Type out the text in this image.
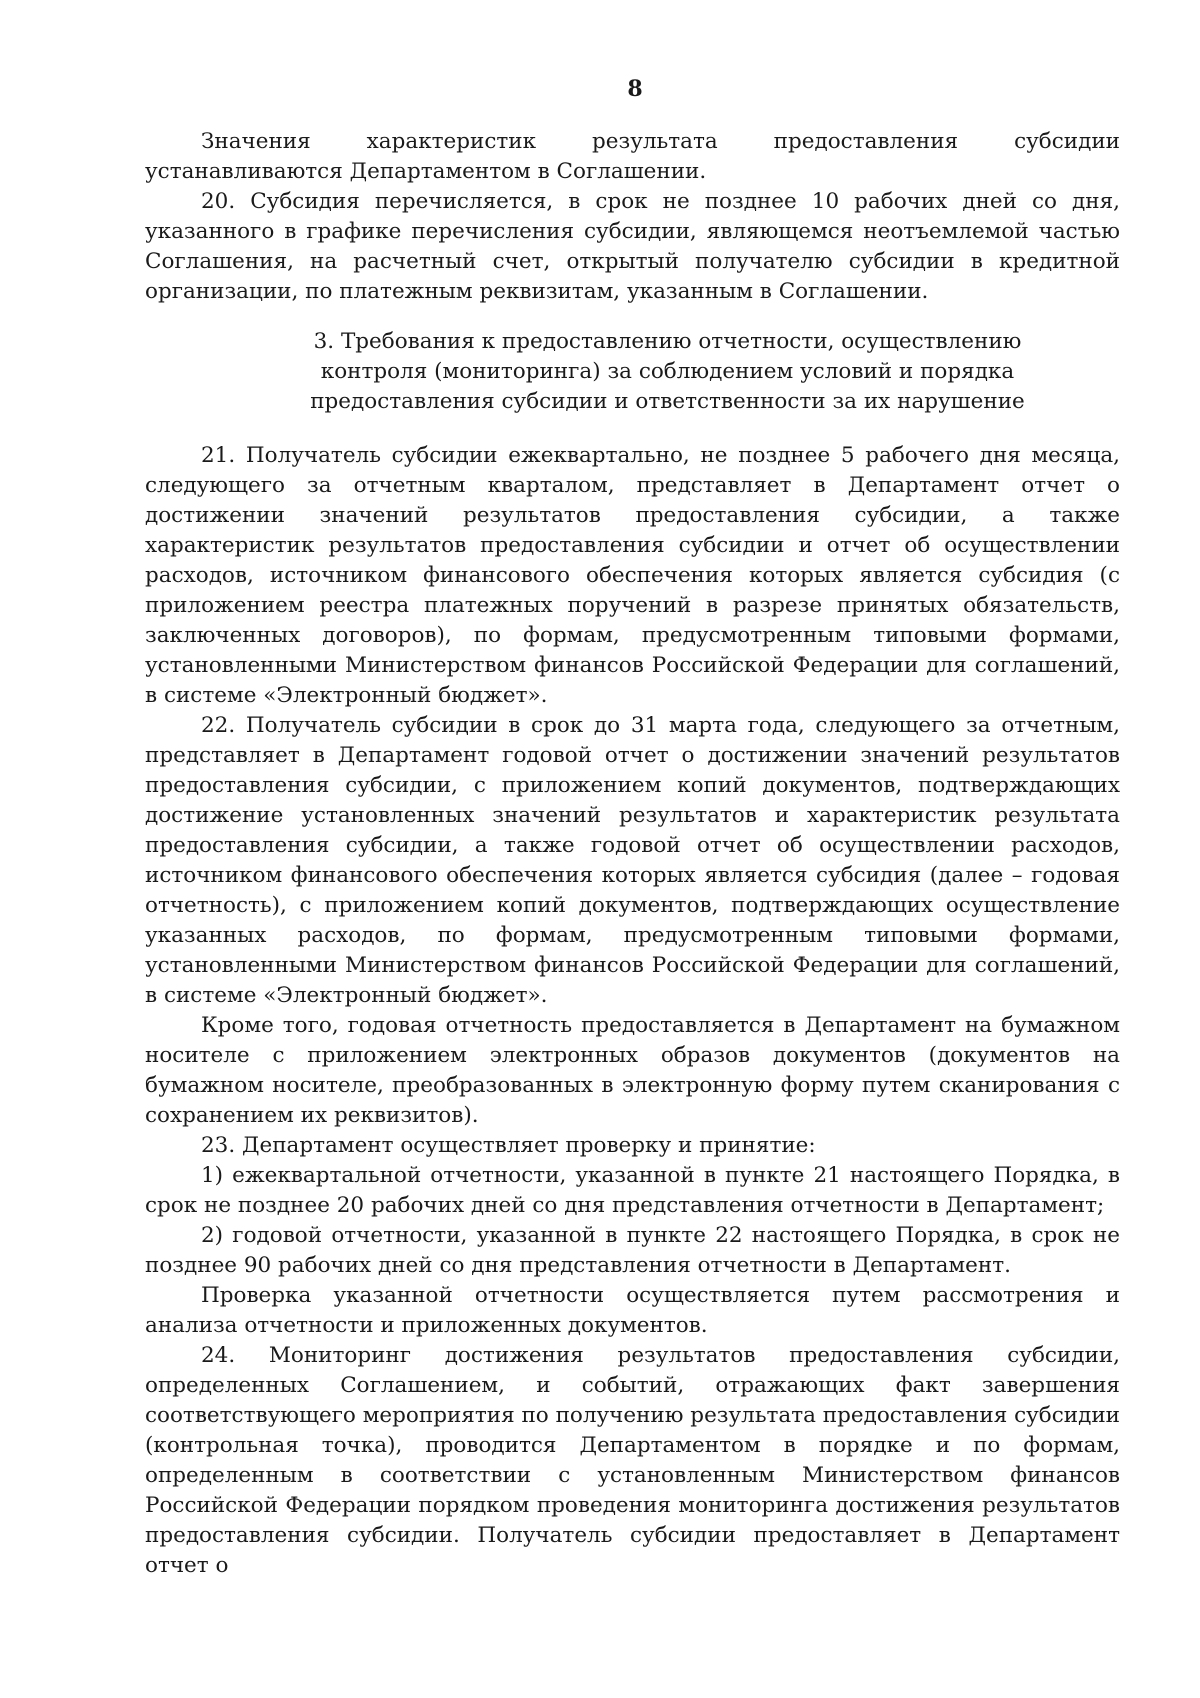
8

Значения характеристик результата предоставления субсидии устанавливаются Департаментом в Соглашении.

20. Субсидия перечисляется, в срок не позднее 10 рабочих дней со дня, указанного в графике перечисления субсидии, являющемся неотъемлемой частью Соглашения, на расчетный счет, открытый получателю субсидии в кредитной организации, по платежным реквизитам, указанным в Соглашении.

3. Требования к предоставлению отчетности, осуществлению контроля (мониторинга) за соблюдением условий и порядка предоставления субсидии и ответственности за их нарушение

21. Получатель субсидии ежеквартально, не позднее 5 рабочего дня месяца, следующего за отчетным кварталом, представляет в Департамент отчет о достижении значений результатов предоставления субсидии, а также характеристик результатов предоставления субсидии и отчет об осуществлении расходов, источником финансового обеспечения которых является субсидия (с приложением реестра платежных поручений в разрезе принятых обязательств, заключенных договоров), по формам, предусмотренным типовыми формами, установленными Министерством финансов Российской Федерации для соглашений, в системе «Электронный бюджет».

22. Получатель субсидии в срок до 31 марта года, следующего за отчетным, представляет в Департамент годовой отчет о достижении значений результатов предоставления субсидии, с приложением копий документов, подтверждающих достижение установленных значений результатов и характеристик результата предоставления субсидии, а также годовой отчет об осуществлении расходов, источником финансового обеспечения которых является субсидия (далее – годовая отчетность), с приложением копий документов, подтверждающих осуществление указанных расходов, по формам, предусмотренным типовыми формами, установленными Министерством финансов Российской Федерации для соглашений, в системе «Электронный бюджет».

Кроме того, годовая отчетность предоставляется в Департамент на бумажном носителе с приложением электронных образов документов (документов на бумажном носителе, преобразованных в электронную форму путем сканирования с сохранением их реквизитов).

23. Департамент осуществляет проверку и принятие:

1) ежеквартальной отчетности, указанной в пункте 21 настоящего Порядка, в срок не позднее 20 рабочих дней со дня представления отчетности в Департамент;

2) годовой отчетности, указанной в пункте 22 настоящего Порядка, в срок не позднее 90 рабочих дней со дня представления отчетности в Департамент.

Проверка указанной отчетности осуществляется путем рассмотрения и анализа отчетности и приложенных документов.

24. Мониторинг достижения результатов предоставления субсидии, определенных Соглашением, и событий, отражающих факт завершения соответствующего мероприятия по получению результата предоставления субсидии (контрольная точка), проводится Департаментом в порядке и по формам, определенным в соответствии с установленным Министерством финансов Российской Федерации порядком проведения мониторинга достижения результатов предоставления субсидии. Получатель субсидии предоставляет в Департамент отчет о
